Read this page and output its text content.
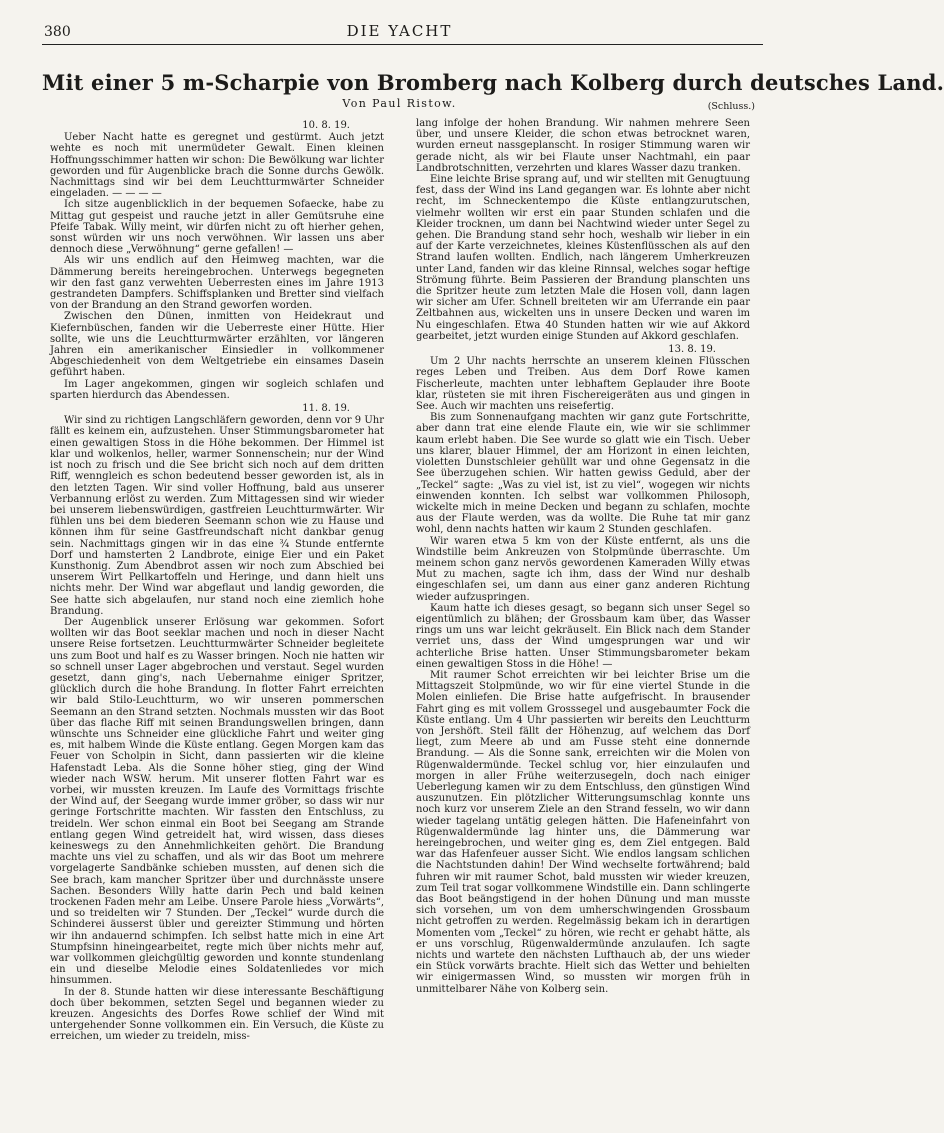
380	DIE YACHT
Mit einer 5 m-Scharpie von Bromberg nach Kolberg durch deutsches Land.
Von Paul Ristow.	(Schluss.)
10. 8. 19.

Ueber Nacht hatte es geregnet und gestürmt. Auch jetzt wehte es noch mit unermüdeter Gewalt. Einen kleinen Hoffnungsschimmer hatten wir schon: Die Bewölkung war lichter geworden und für Augenblicke brach die Sonne durchs Gewölk. Nachmittags sind wir bei dem Leuchtturmwärter Schneider eingeladen. — — — —

Ich sitze augenblicklich in der bequemen Sofaecke, habe zu Mittag gut gespeist und rauche jetzt in aller Gemütsruhe eine Pfeife Tabak. Willy meint, wir dürfen nicht zu oft hierher gehen, sonst würden wir uns noch verwöhnen. Wir lassen uns aber dennoch diese „Verwöhnung“ gerne gefallen! —

Als wir uns endlich auf den Heimweg machten, war die Dämmerung bereits hereingebrochen. Unterwegs begegneten wir den fast ganz verwehten Ueberresten eines im Jahre 1913 gestrandeten Dampfers. Schiffsplanken und Bretter sind vielfach von der Brandung an den Strand geworfen worden.

Zwischen den Dünen, inmitten von Heidekraut und Kiefernbüschen, fanden wir die Ueberreste einer Hütte. Hier sollte, wie uns die Leuchtturmwärter erzählten, vor längeren Jahren ein amerikanischer Einsiedler in vollkommener Abgeschiedenheit von dem Weltgetriebe ein einsames Dasein geführt haben.

Im Lager angekommen, gingen wir sogleich schlafen und sparten hierdurch das Abendessen.

11. 8. 19.

Wir sind zu richtigen Langschläfern geworden, denn vor 9 Uhr fällt es keinem ein, aufzustehen. Unser Stimmungsbarometer hat einen gewaltigen Stoss in die Höhe bekommen. Der Himmel ist klar und wolkenlos, heller, warmer Sonnenschein; nur der Wind ist noch zu frisch und die See bricht sich noch auf dem dritten Riff, wenngleich es schon bedeutend besser geworden ist, als in den letzten Tagen. Wir sind voller Hoffnung, bald aus unserer Verbannung erlöst zu werden. Zum Mittagessen sind wir wieder bei unserem liebenswürdigen, gastfreien Leuchtturmwärter. Wir fühlen uns bei dem biederen Seemann schon wie zu Hause und können ihm für seine Gastfreundschaft nicht dankbar genug sein. Nachmittags gingen wir in das eine ¾ Stunde entfernte Dorf und hamsterten 2 Landbrote, einige Eier und ein Paket Kunsthonig. Zum Abendbrot assen wir noch zum Abschied bei unserem Wirt Pellkartoffeln und Heringe, und dann hielt uns nichts mehr. Der Wind war abgeflaut und landig geworden, die See hatte sich abgelaufen, nur stand noch eine ziemlich hohe Brandung.

Der Augenblick unserer Erlösung war gekommen. Sofort wollten wir das Boot seeklar machen und noch in dieser Nacht unsere Reise fortsetzen. Leuchtturmwärter Schneider begleitete uns zum Boot und half es zu Wasser bringen. Noch nie hatten wir so schnell unser Lager abgebrochen und verstaut. Segel wurden gesetzt, dann ging's, nach Uebernahme einiger Spritzer, glücklich durch die hohe Brandung. In flotter Fahrt erreichten wir bald Stilo-Leuchtturm, wo wir unseren pommerschen Seemann an den Strand setzten. Nochmals mussten wir das Boot über das flache Riff mit seinen Brandungswellen bringen, dann wünschte uns Schneider eine glückliche Fahrt und weiter ging es, mit halbem Winde die Küste entlang. Gegen Morgen kam das Feuer von Scholpin in Sicht, dann passierten wir die kleine Hafenstadt Leba. Als die Sonne höher stieg, ging der Wind wieder nach WSW. herum. Mit unserer flotten Fahrt war es vorbei, wir mussten kreuzen. Im Laufe des Vormittags frischte der Wind auf, der Seegang wurde immer gröber, so dass wir nur geringe Fortschritte machten. Wir fassten den Entschluss, zu treideln. Wer schon einmal ein Boot bei Seegang am Strande entlang gegen Wind getreidelt hat, wird wissen, dass dieses keineswegs zu den Annehmlichkeiten gehört. Die Brandung machte uns viel zu schaffen, und als wir das Boot um mehrere vorgelagerte Sandbänke schieben mussten, auf denen sich die See brach, kam mancher Spritzer über und durchnässte unsere Sachen. Besonders Willy hatte darin Pech und bald keinen trockenen Faden mehr am Leibe. Unsere Parole hiess „Vorwärts“, und so treidelten wir 7 Stunden. Der „Teckel“ wurde durch die Schinderei äusserst übler und gereizter Stimmung und hörten wir ihn andauernd schimpfen. Ich selbst hatte mich in eine Art Stumpfsinn hineingearbeitet, regte mich über nichts mehr auf, war vollkommen gleichgültig geworden und konnte stundenlang ein und dieselbe Melodie eines Soldatenliedes vor mich hinsummen.

In der 8. Stunde hatten wir diese interessante Beschäftigung doch über bekommen, setzten Segel und begannen wieder zu kreuzen. Angesichts des Dorfes Rowe schlief der Wind mit untergehender Sonne vollkommen ein. Ein Versuch, die Küste zu erreichen, um wieder zu treideln, miss-

lang infolge der hohen Brandung. Wir nahmen mehrere Seen über, und unsere Kleider, die schon etwas betrocknet waren, wurden erneut nassgeplanscht. In rosiger Stimmung waren wir gerade nicht, als wir bei Flaute unser Nachtmahl, ein paar Landbrotschnitten, verzehrten und klares Wasser dazu tranken.

Eine leichte Brise sprang auf, und wir stellten mit Genugtuung fest, dass der Wind ins Land gegangen war. Es lohnte aber nicht recht, im Schneckentempo die Küste entlangzurutschen, vielmehr wollten wir erst ein paar Stunden schlafen und die Kleider trocknen, um dann bei Nachtwind wieder unter Segel zu gehen. Die Brandung stand sehr hoch, weshalb wir lieber in ein auf der Karte verzeichnetes, kleines Küstenflüsschen als auf den Strand laufen wollten. Endlich, nach längerem Umherkreuzen unter Land, fanden wir das kleine Rinnsal, welches sogar heftige Strömung führte. Beim Passieren der Brandung planschten uns die Spritzer heute zum letzten Male die Hosen voll, dann lagen wir sicher am Ufer. Schnell breiteten wir am Uferrande ein paar Zeltbahnen aus, wickelten uns in unsere Decken und waren im Nu eingeschlafen. Etwa 40 Stunden hatten wir wie auf Akkord gearbeitet, jetzt wurden einige Stunden auf Akkord geschlafen.

13. 8. 19.

Um 2 Uhr nachts herrschte an unserem kleinen Flüsschen reges Leben und Treiben. Aus dem Dorf Rowe kamen Fischerleute, machten unter lebhaftem Geplauder ihre Boote klar, rüsteten sie mit ihren Fischereigeräten aus und gingen in See. Auch wir machten uns reisefertig.

Bis zum Sonnenaufgang machten wir ganz gute Fortschritte, aber dann trat eine elende Flaute ein, wie wir sie schlimmer kaum erlebt haben. Die See wurde so glatt wie ein Tisch. Ueber uns klarer, blauer Himmel, der am Horizont in einen leichten, violetten Dunstschleier gehüllt war und ohne Gegensatz in die See überzugehen schien. Wir hatten gewiss Geduld, aber der „Teckel“ sagte: „Was zu viel ist, ist zu viel“, wogegen wir nichts einwenden konnten. Ich selbst war vollkommen Philosoph, wickelte mich in meine Decken und begann zu schlafen, mochte aus der Flaute werden, was da wollte. Die Ruhe tat mir ganz wohl, denn nachts hatten wir kaum 2 Stunden geschlafen.

Wir waren etwa 5 km von der Küste entfernt, als uns die Windstille beim Ankreuzen von Stolpmünde überraschte. Um meinem schon ganz nervös gewordenen Kameraden Willy etwas Mut zu machen, sagte ich ihm, dass der Wind nur deshalb eingeschlafen sei, um dann aus einer ganz anderen Richtung wieder aufzuspringen.

Kaum hatte ich dieses gesagt, so begann sich unser Segel so eigentümlich zu blähen; der Grossbaum kam über, das Wasser rings um uns war leicht gekräuselt. Ein Blick nach dem Stander verriet uns, dass der Wind umgesprungen war und wir achterliche Brise hatten. Unser Stimmungsbarometer bekam einen gewaltigen Stoss in die Höhe! —

Mit raumer Schot erreichten wir bei leichter Brise um die Mittagszeit Stolpmünde, wo wir für eine viertel Stunde in die Molen einliefen. Die Brise hatte aufgefrischt. In brausender Fahrt ging es mit vollem Grosssegel und ausgebaumter Fock die Küste entlang. Um 4 Uhr passierten wir bereits den Leuchtturm von Jershöft. Steil fällt der Höhenzug, auf welchem das Dorf liegt, zum Meere ab und am Fusse steht eine donnernde Brandung. — Als die Sonne sank, erreichten wir die Molen von Rügenwaldermünde. Teckel schlug vor, hier einzulaufen und morgen in aller Frühe weiterzusegeln, doch nach einiger Ueberlegung kamen wir zu dem Entschluss, den günstigen Wind auszunutzen. Ein plötzlicher Witterungsumschlag konnte uns noch kurz vor unserem Ziele an den Strand fesseln, wo wir dann wieder tagelang untätig gelegen hätten. Die Hafeneinfahrt von Rügenwaldermünde lag hinter uns, die Dämmerung war hereingebrochen, und weiter ging es, dem Ziel entgegen. Bald war das Hafenfeuer ausser Sicht. Wie endlos langsam schlichen die Nachtstunden dahin! Der Wind wechselte fortwährend; bald fuhren wir mit raumer Schot, bald mussten wir wieder kreuzen, zum Teil trat sogar vollkommene Windstille ein. Dann schlingerte das Boot beängstigend in der hohen Dünung und man musste sich vorsehen, um von dem umherschwingenden Grossbaum nicht getroffen zu werden. Regelmässig bekam ich in derartigen Momenten vom „Teckel“ zu hören, wie recht er gehabt hätte, als er uns vorschlug, Rügenwaldermünde anzulaufen. Ich sagte nichts und wartete den nächsten Lufthauch ab, der uns wieder ein Stück vorwärts brachte. Hielt sich das Wetter und behielten wir einigermassen Wind, so mussten wir morgen früh in unmittelbarer Nähe von Kolberg sein.
